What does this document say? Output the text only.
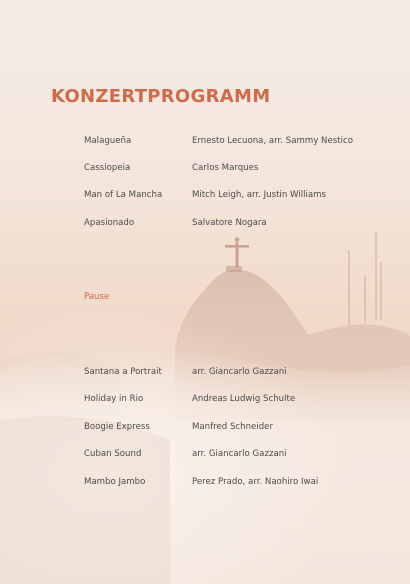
KONZERTPROGRAMM
Malagueña	Ernesto Lecuona, arr. Sammy Nestico
Cassiopeia	Carlos Marques
Man of La Mancha	Mitch Leigh, arr. Justin Williams
Apasionado	Salvatore Nogara
Pause
Santana a Portrait	arr. Giancarlo Gazzani
Holiday in Rio	Andreas Ludwig Schulte
Boogie Express	Manfred Schneider
Cuban Sound	arr. Giancarlo Gazzani
Mambo Jambo	Perez Prado, arr. Naohiro Iwai
